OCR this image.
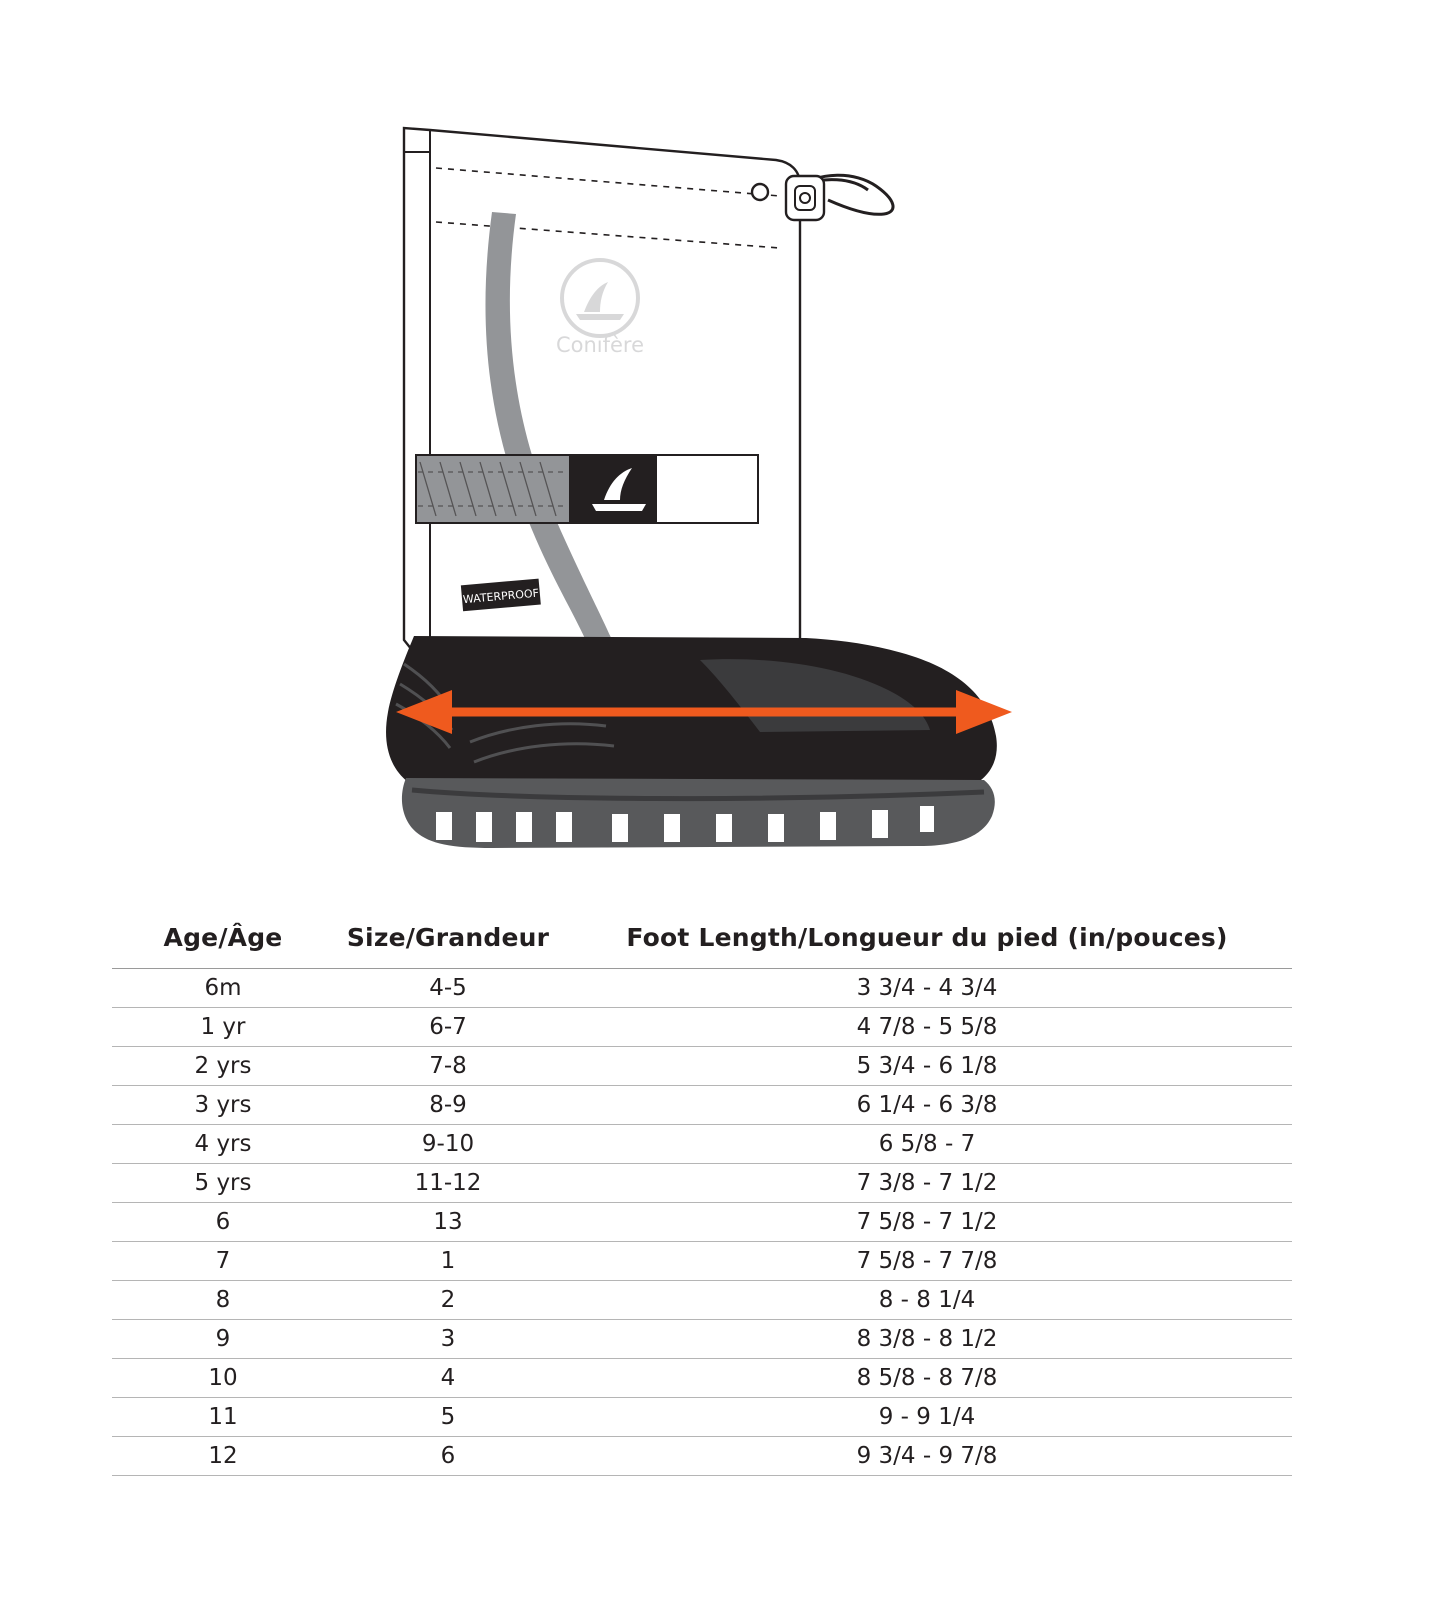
Conifère
WATERPROOF
Age/Âge	Size/Grandeur	Foot Length/Longueur du pied (in/pouces)
6m	4-5	3 3/4 - 4 3/4
1 yr	6-7	4 7/8 - 5 5/8
2 yrs	7-8	5 3/4 - 6 1/8
3 yrs	8-9	6 1/4 - 6 3/8
4 yrs	9-10	6 5/8 - 7
5 yrs	11-12	7 3/8 - 7 1/2
6	13	7 5/8 - 7 1/2
7	1	7 5/8 - 7 7/8
8	2	8 - 8 1/4
9	3	8 3/8 - 8 1/2
10	4	8 5/8 - 8 7/8
11	5	9 - 9 1/4
12	6	9 3/4 - 9 7/8
